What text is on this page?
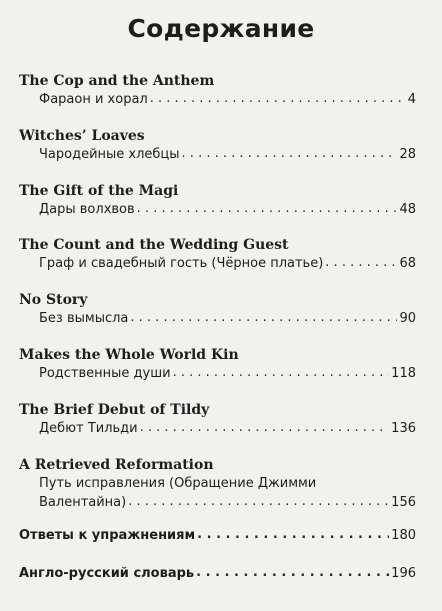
Содержание
The Cop and the Anthem
Фараон и хорал . . .	4
Witches’ Loaves
Чародейные хлебцы . . .	28
The Gift of the Magi
Дары волхвов . . .	48
The Count and the Wedding Guest
Граф и свадебный гость (Чёрное платье) . . .	68
No Story
Без вымысла . . .	90
Makes the Whole World Kin
Родственные души . . .	118
The Brief Debut of Tildy
Дебют Тильди . . .	136
A Retrieved Reformation
Путь исправления (Обращение Джимми
Валентайна) . . .	156
Ответы к упражнениям . . .	180
Англо-русский словарь . . .	196
